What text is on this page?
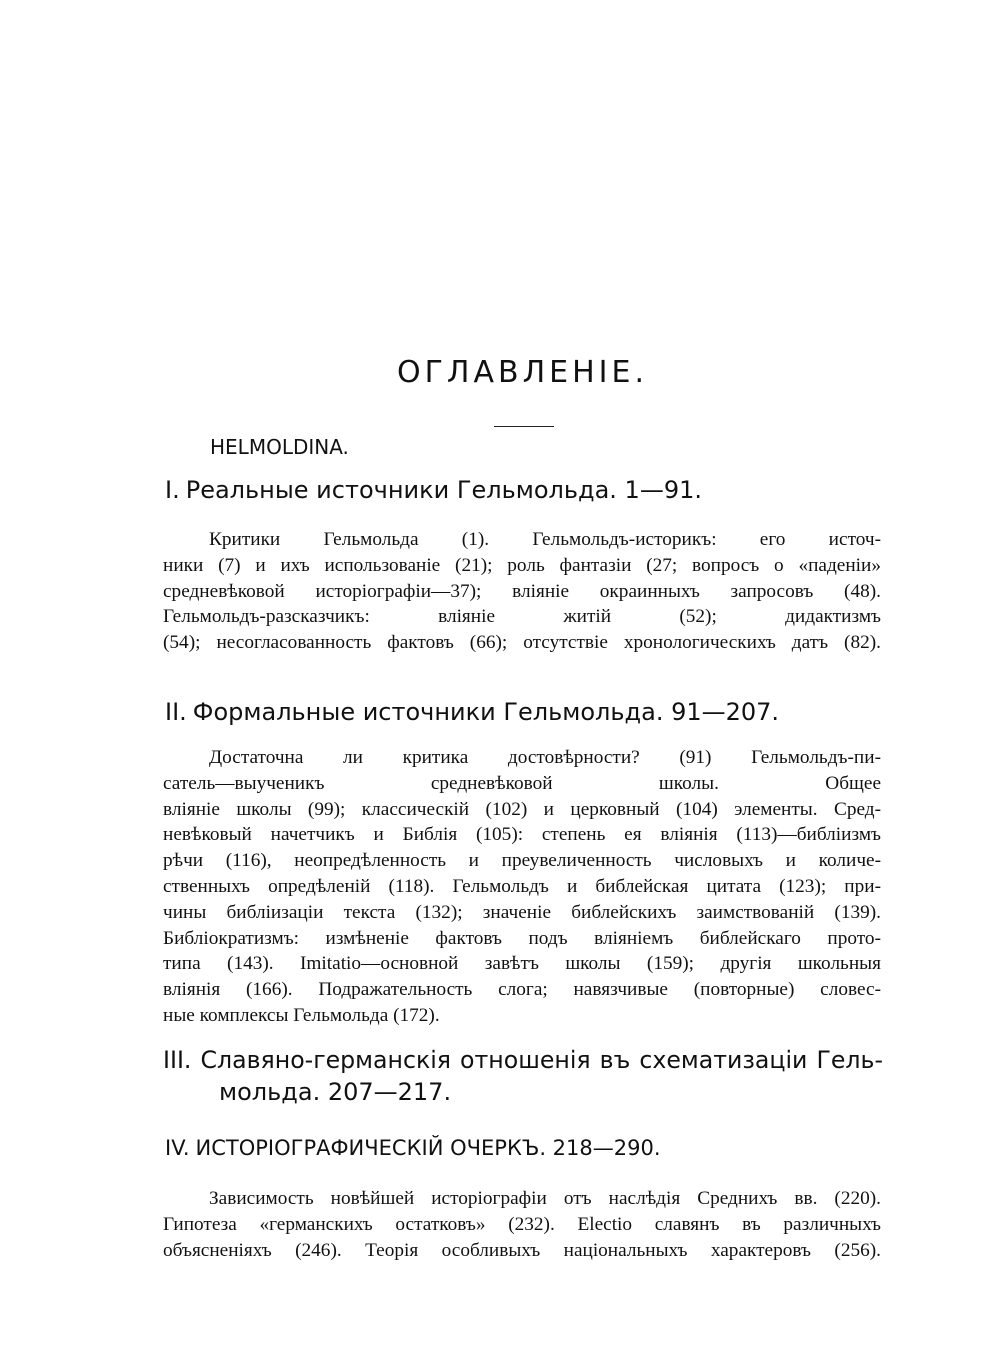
ОГЛАВЛЕНIЕ.
HELMOLDINA.
I. Реальные источники Гельмольда. 1—91.
Критики Гельмольда (1). Гельмольдъ-историкъ: его источ-
ники (7) и ихъ использованіе (21); роль фантазіи (27; вопросъ о «паденіи»
средневѣковой исторіографіи—37); вліяніе окраинныхъ запросовъ (48).
Гельмольдъ-разсказчикъ: вліяніе житій (52); дидактизмъ
(54); несогласованность фактовъ (66); отсутствіе хронологическихъ датъ (82).
II. Формальные источники Гельмольда. 91—207.
Достаточна ли критика достовѣрности? (91) Гельмольдъ-пи-
сатель—выученикъ средневѣковой школы. Общее
вліяніе школы (99); классическій (102) и церковный (104) элементы. Сред-
невѣковый начетчикъ и Библія (105): степень ея вліянія (113)—библіизмъ
рѣчи (116), неопредѣленность и преувеличенность числовыхъ и количе-
ственныхъ опредѣленій (118). Гельмольдъ и библейская цитата (123); при-
чины библіизаціи текста (132); значеніе библейскихъ заимствованій (139).
Библіократизмъ: измѣненіе фактовъ подъ вліяніемъ библейскаго прото-
типа (143). Imitatio—основной завѣтъ школы (159); другія школьныя
вліянія (166). Подражательность слога; навязчивые (повторные) словес-
ные комплексы Гельмольда (172).
III. Славяно-германскія отношенія въ схематизаціи Гель-
мольда. 207—217.
IV. ИСТОРIОГРАФИЧЕСКIЙ ОЧЕРКЪ. 218—290.
Зависимость новѣйшей исторіографіи отъ наслѣдія Среднихъ вв. (220).
Гипотеза «германскихъ остатковъ» (232). Electio славянъ въ различныхъ
объясненіяхъ (246). Теорія особливыхъ національныхъ характеровъ (256).
